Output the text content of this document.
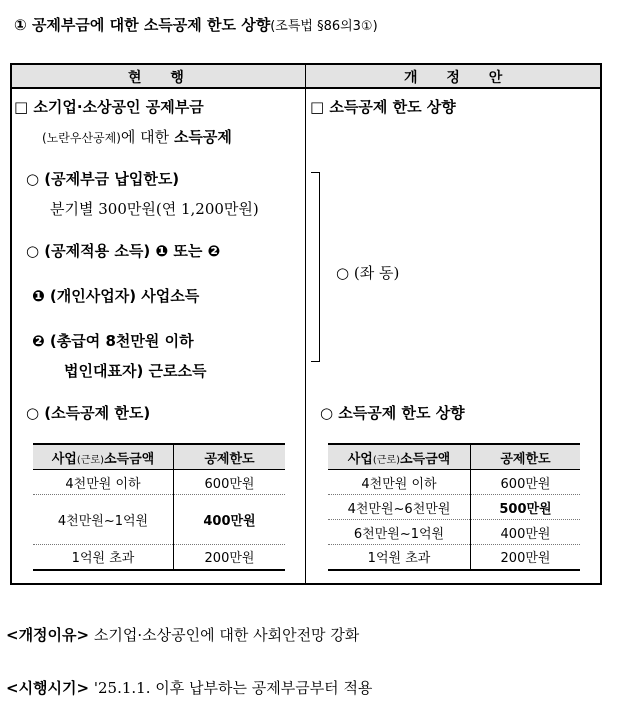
① 공제부금에 대한 소득공제 한도 상향(조특법 §86의3①)
현 행	개 정 안
□ 소기업·소상공인 공제부금
(노란우산공제)에 대한 소득공제
○ (공제부금 납입한도)
분기별 300만원(연 1,200만원)
○ (공제적용 소득) ❶ 또는 ❷
❶ (개인사업자) 사업소득
❷ (총급여 8천만원 이하
법인대표자) 근로소득
○ (소득공제 한도)
사업(근로)소득금액	공제한도
4천만원 이하	600만원
4천만원~1억원	400만원
1억원 초과	200만원
□ 소득공제 한도 상향
○ (좌 동)
○ 소득공제 한도 상향
사업(근로)소득금액	공제한도
4천만원 이하	600만원
4천만원~6천만원	500만원
6천만원~1억원	400만원
1억원 초과	200만원
<개정이유> 소기업·소상공인에 대한 사회안전망 강화
<시행시기> '25.1.1. 이후 납부하는 공제부금부터 적용
